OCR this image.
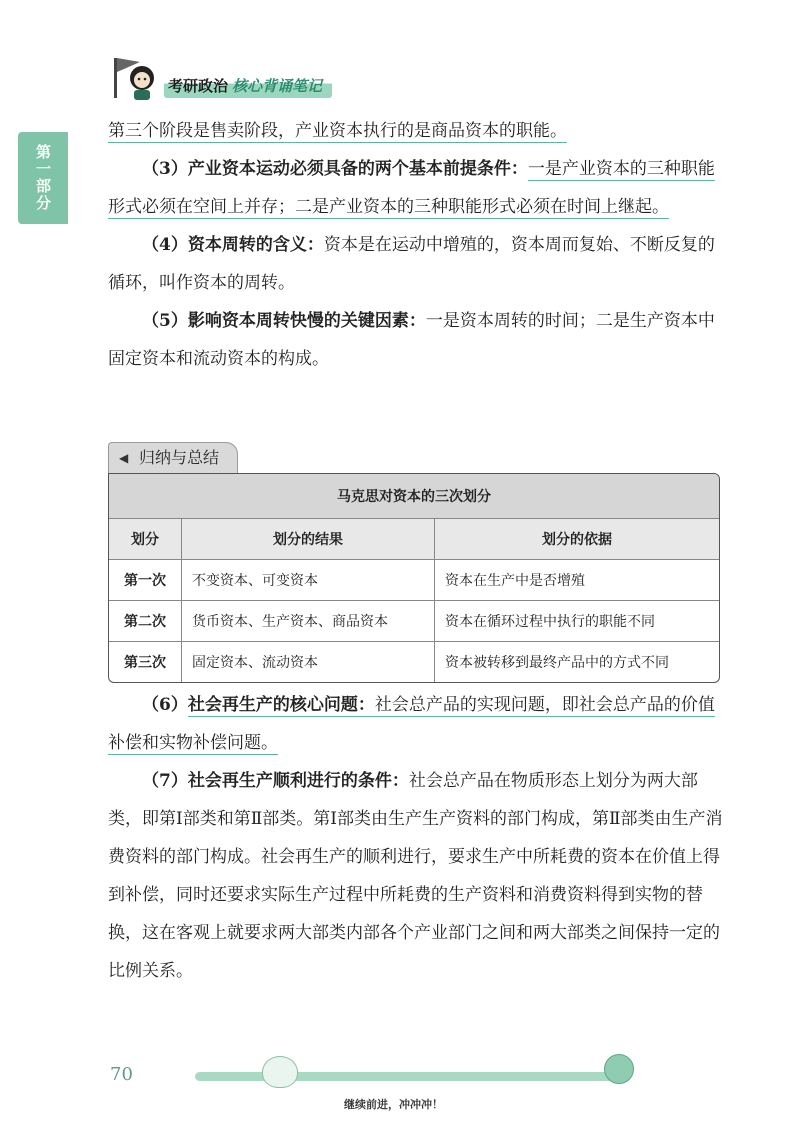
考研政治 核心背诵笔记
第一部分

第三个阶段是售卖阶段，产业资本执行的是商品资本的职能。

（3）产业资本运动必须具备的两个基本前提条件：一是产业资本的三种职能形式必须在空间上并存；二是产业资本的三种职能形式必须在时间上继起。

（4）资本周转的含义：资本是在运动中增殖的，资本周而复始、不断反复的循环，叫作资本的周转。

（5）影响资本周转快慢的关键因素：一是资本周转的时间；二是生产资本中固定资本和流动资本的构成。

◀ 归纳与总结
马克思对资本的三次划分		
划分	划分的结果	划分的依据
第一次	不变资本、可变资本	资本在生产中是否增殖
第二次	货币资本、生产资本、商品资本	资本在循环过程中执行的职能不同
第三次	固定资本、流动资本	资本被转移到最终产品中的方式不同

（6）社会再生产的核心问题：社会总产品的实现问题，即社会总产品的价值补偿和实物补偿问题。

（7）社会再生产顺利进行的条件：社会总产品在物质形态上划分为两大部类，即第Ⅰ部类和第Ⅱ部类。第Ⅰ部类由生产生产资料的部门构成，第Ⅱ部类由生产消费资料的部门构成。社会再生产的顺利进行，要求生产中所耗费的资本在价值上得到补偿，同时还要求实际生产过程中所耗费的生产资料和消费资料得到实物的替换，这在客观上就要求两大部类内部各个产业部门之间和两大部类之间保持一定的比例关系。

70
继续前进，冲冲冲！
